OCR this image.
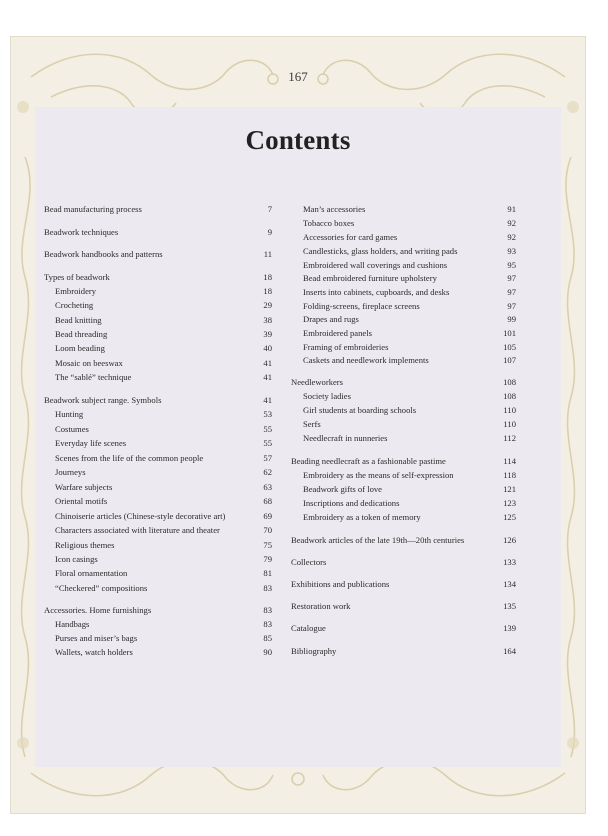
167
Contents
Bead manufacturing process	7
Beadwork techniques	9
Beadwork handbooks and patterns	11
Types of beadwork	18
Embroidery	18
Crocheting	29
Bead knitting	38
Bead threading	39
Loom beading	40
Mosaic on beeswax	41
The “sablé” technique	41
Beadwork subject range. Symbols	41
Hunting	53
Costumes	55
Everyday life scenes	55
Scenes from the life of the common people	57
Journeys	62
Warfare subjects	63
Oriental motifs	68
Chinoiserie articles (Chinese-style decorative art)	69
Characters associated with literature and theater	70
Religious themes	75
Icon casings	79
Floral ornamentation	81
“Checkered” compositions	83
Accessories. Home furnishings	83
Handbags	83
Purses and miser’s bags	85
Wallets, watch holders	90
Man’s accessories	91
Tobacco boxes	92
Accessories for card games	92
Candlesticks, glass holders, and writing pads	93
Embroidered wall coverings and cushions	95
Bead embroidered furniture upholstery	97
Inserts into cabinets, cupboards, and desks	97
Folding-screens, fireplace screens	97
Drapes and rugs	99
Embroidered panels	101
Framing of embroideries	105
Caskets and needlework implements	107
Needleworkers	108
Society ladies	108
Girl students at boarding schools	110
Serfs	110
Needlecraft in nunneries	112
Beading needlecraft as a fashionable pastime	114
Embroidery as the means of self-expression	118
Beadwork gifts of love	121
Inscriptions and dedications	123
Embroidery as a token of memory	125
Beadwork articles of the late 19th—20th centuries	126
Collectors	133
Exhibitions and publications	134
Restoration work	135
Catalogue	139
Bibliography	164
